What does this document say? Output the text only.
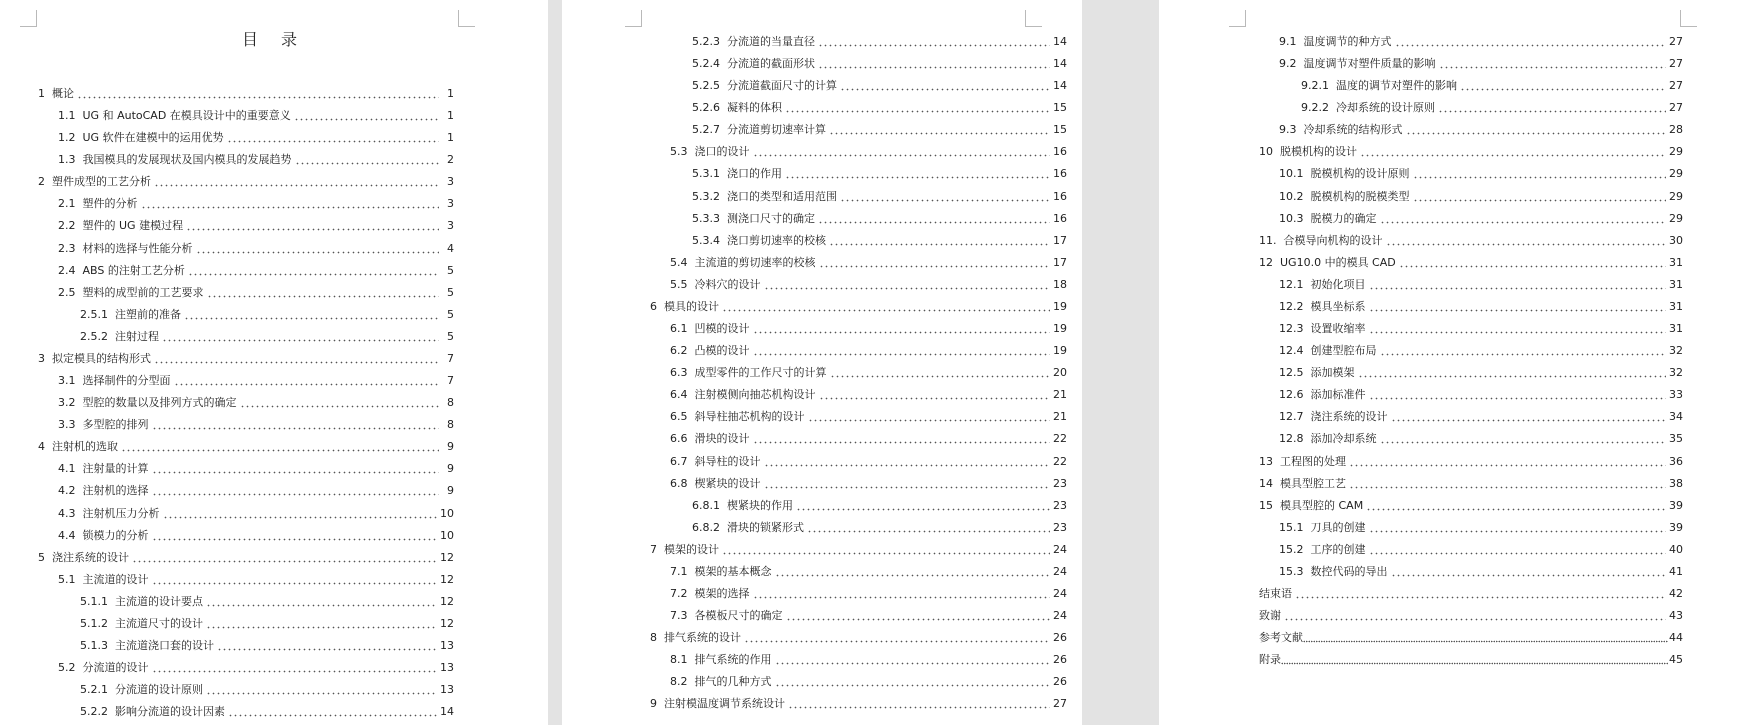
目 录
1 概论	1
1.1 UG 和 AutoCAD 在模具设计中的重要意义	1
1.2 UG 软件在建模中的运用优势	1
1.3 我国模具的发展现状及国内模具的发展趋势	2
2 塑件成型的工艺分析	3
2.1 塑件的分析	3
2.2 塑件的 UG 建模过程	3
2.3 材料的选择与性能分析	4
2.4 ABS 的注射工艺分析	5
2.5 塑料的成型前的工艺要求	5
2.5.1 注塑前的准备	5
2.5.2 注射过程	5
3 拟定模具的结构形式	7
3.1 选择制件的分型面	7
3.2 型腔的数量以及排列方式的确定	8
3.3 多型腔的排列	8
4 注射机的选取	9
4.1 注射量的计算	9
4.2 注射机的选择	9
4.3 注射机压力分析	10
4.4 锁模力的分析	10
5 浇注系统的设计	12
5.1 主流道的设计	12
5.1.1 主流道的设计要点	12
5.1.2 主流道尺寸的设计	12
5.1.3 主流道浇口套的设计	13
5.2 分流道的设计	13
5.2.1 分流道的设计原则	13
5.2.2 影响分流道的设计因素	14
5.2.3 分流道的当量直径	14
5.2.4 分流道的截面形状	14
5.2.5 分流道截面尺寸的计算	14
5.2.6 凝料的体积	15
5.2.7 分流道剪切速率计算	15
5.3 浇口的设计	16
5.3.1 浇口的作用	16
5.3.2 浇口的类型和适用范围	16
5.3.3 测浇口尺寸的确定	16
5.3.4 浇口剪切速率的校核	17
5.4 主流道的剪切速率的校核	17
5.5 冷料穴的设计	18
6 模具的设计	19
6.1 凹模的设计	19
6.2 凸模的设计	19
6.3 成型零件的工作尺寸的计算	20
6.4 注射模侧向抽芯机构设计	21
6.5 斜导柱抽芯机构的设计	21
6.6 滑块的设计	22
6.7 斜导柱的设计	22
6.8 楔紧块的设计	23
6.8.1 楔紧块的作用	23
6.8.2 滑块的锁紧形式	23
7 模架的设计	24
7.1 模架的基本概念	24
7.2 模架的选择	24
7.3 各模板尺寸的确定	24
8 排气系统的设计	26
8.1 排气系统的作用	26
8.2 排气的几种方式	26
9 注射模温度调节系统设计	27
9.1 温度调节的种方式	27
9.2 温度调节对塑件质量的影响	27
9.2.1 温度的调节对塑件的影响	27
9.2.2 冷却系统的设计原则	27
9.3 冷却系统的结构形式	28
10 脱模机构的设计	29
10.1 脱模机构的设计原则	29
10.2 脱模机构的脱模类型	29
10.3 脱模力的确定	29
11. 合模导向机构的设计	30
12 UG10.0 中的模具 CAD	31
12.1 初始化项目	31
12.2 模具坐标系	31
12.3 设置收缩率	31
12.4 创建型腔布局	32
12.5 添加模架	32
12.6 添加标准件	33
12.7 浇注系统的设计	34
12.8 添加冷却系统	35
13 工程图的处理	36
14 模具型腔工艺	38
15 模具型腔的 CAM	39
15.1 刀具的创建	39
15.2 工序的创建	40
15.3 数控代码的导出	41
结束语	42
致谢	43
参考文献	44
附录	45
